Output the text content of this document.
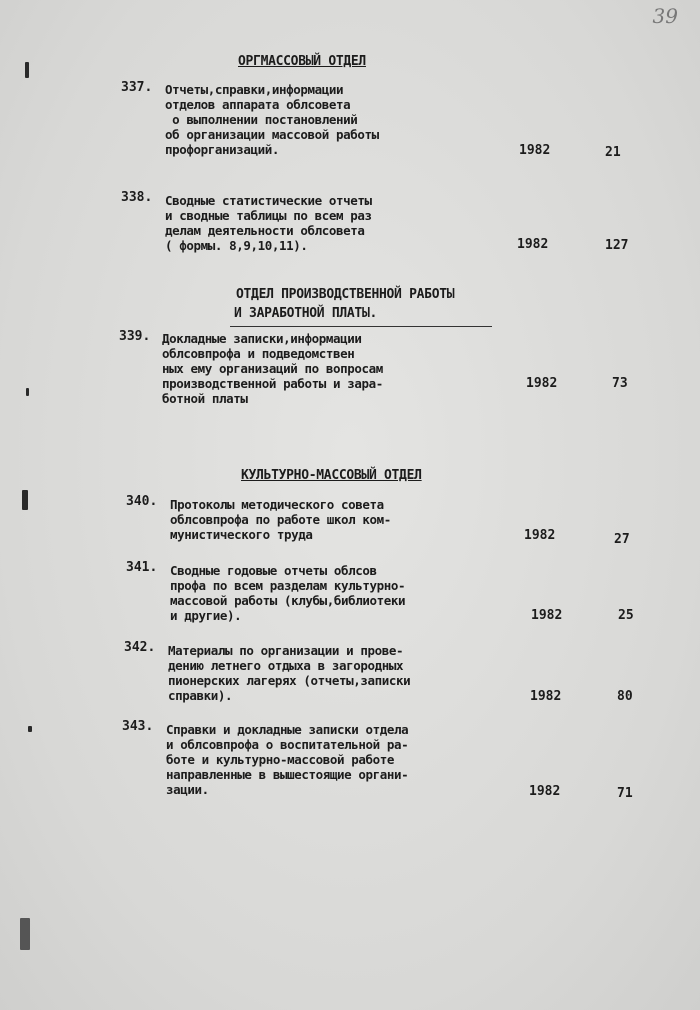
39
ОРГМАССОВЫЙ ОТДЕЛ
337. Отчеты,справки,информации
отделов аппарата облсовета
о выполнении постановлений
об организации массовой работы
профорганизаций.	1982	21
338. Сводные статистические отчеты
и сводные таблицы по всем раз
делам деятельности облсовета
( формы. 8,9,10,11).	1982	127
ОТДЕЛ ПРОИЗВОДСТВЕННОЙ РАБОТЫ
И ЗАРАБОТНОЙ ПЛАТЫ.
339. Докладные записки,информации
облсовпрофа и подведомствен
ных ему организаций по вопросам
производственной работы и зара-
ботной платы
1982	73
КУЛЬТУРНО-МАССОВЫЙ ОТДЕЛ
340. Протоколы методического совета
облсовпрофа по работе школ ком-
мунистического труда	1982	27
341. Сводные годовые отчеты облсов
профа по всем разделам культурно-
массовой работы (клубы,библиотеки
и другие).	1982	25
342. Материалы по организации и прове-
дению летнего отдыха в загородных
пионерских лагерях (отчеты,записки
справки).	1982	80
343. Справки и докладные записки отдела
и облсовпрофа о воспитательной ра-
боте и культурно-массовой работе
направленные в вышестоящие органи-
зации.	1982	71
